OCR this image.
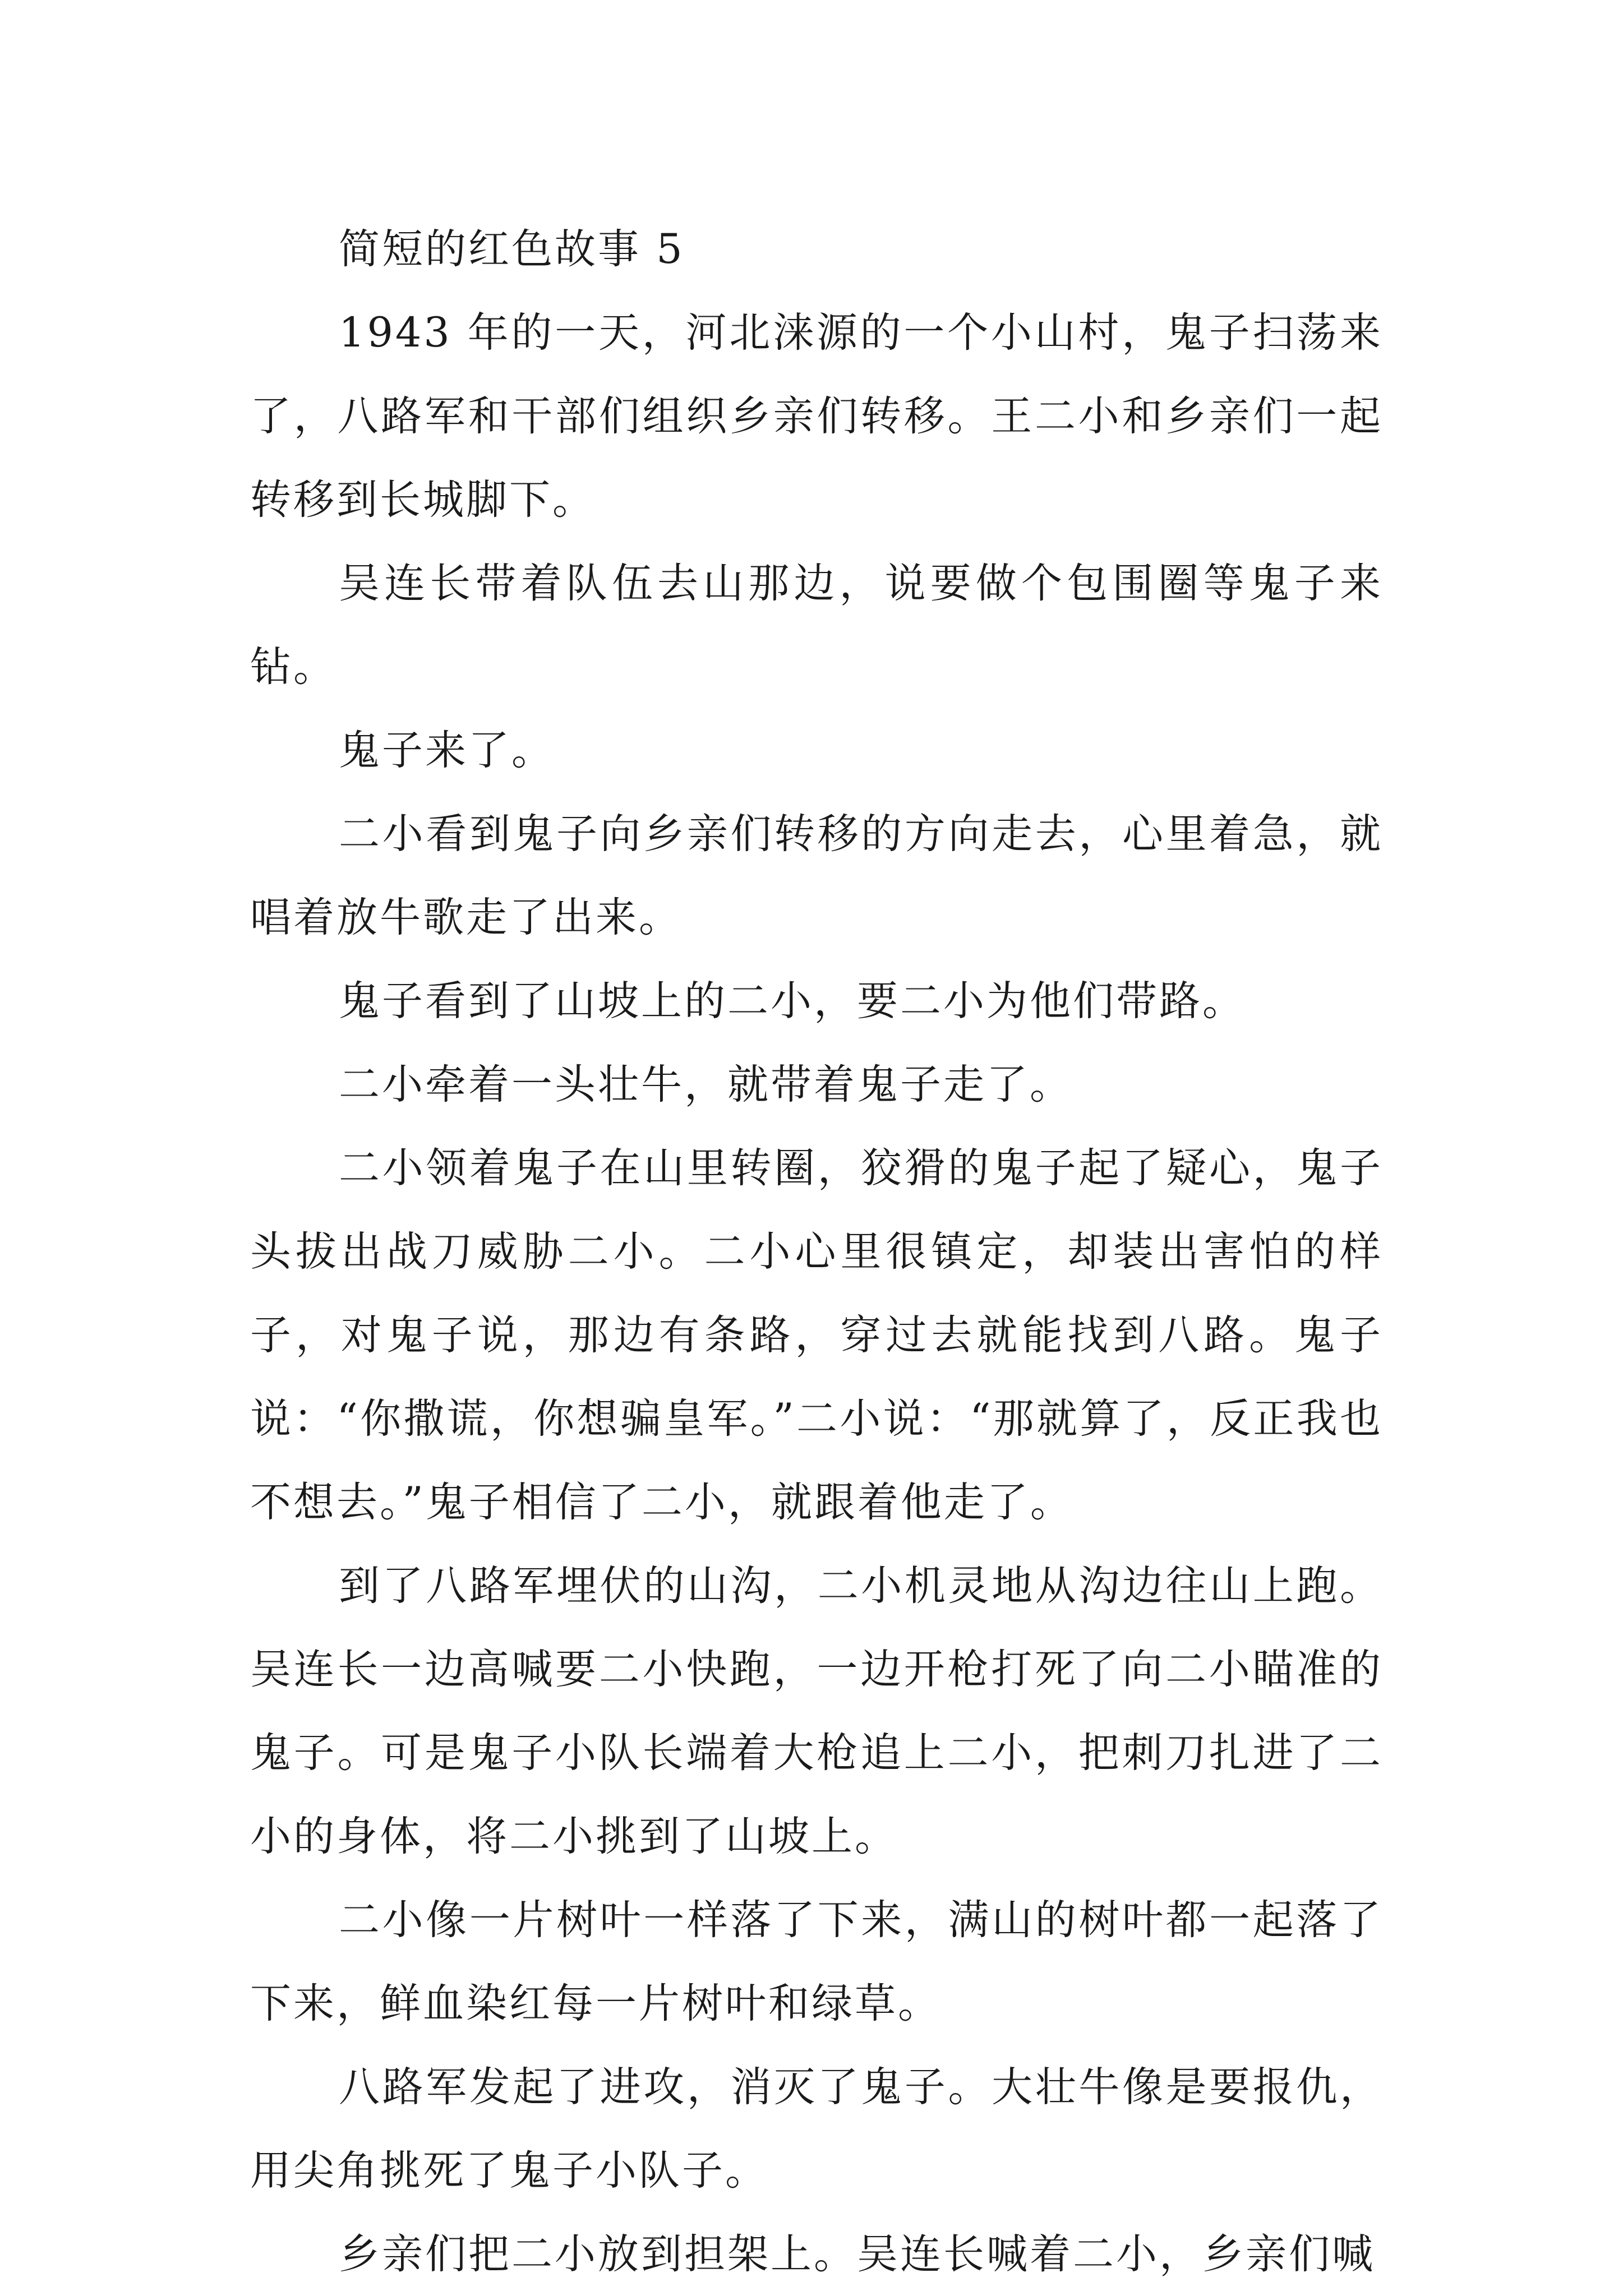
简短的红色故事 5

1943 年的一天，河北涞源的一个小山村，鬼子扫荡来了，八路军和干部们组织乡亲们转移。王二小和乡亲们一起转移到长城脚下。

吴连长带着队伍去山那边，说要做个包围圈等鬼子来钻。

鬼子来了。

二小看到鬼子向乡亲们转移的方向走去，心里着急，就唱着放牛歌走了出来。

鬼子看到了山坡上的二小，要二小为他们带路。

二小牵着一头壮牛，就带着鬼子走了。

二小领着鬼子在山里转圈，狡猾的鬼子起了疑心，鬼子头拔出战刀威胁二小。二小心里很镇定，却装出害怕的样子，对鬼子说，那边有条路，穿过去就能找到八路。鬼子说：“你撒谎，你想骗皇军。”二小说：“那就算了，反正我也不想去。”鬼子相信了二小，就跟着他走了。

到了八路军埋伏的山沟，二小机灵地从沟边往山上跑。吴连长一边高喊要二小快跑，一边开枪打死了向二小瞄准的鬼子。可是鬼子小队长端着大枪追上二小，把刺刀扎进了二小的身体，将二小挑到了山坡上。

二小像一片树叶一样落了下来，满山的树叶都一起落了下来，鲜血染红每一片树叶和绿草。

八路军发起了进攻，消灭了鬼子。大壮牛像是要报仇，用尖角挑死了鬼子小队子。

乡亲们把二小放到担架上。吴连长喊着二小，乡亲们喊
